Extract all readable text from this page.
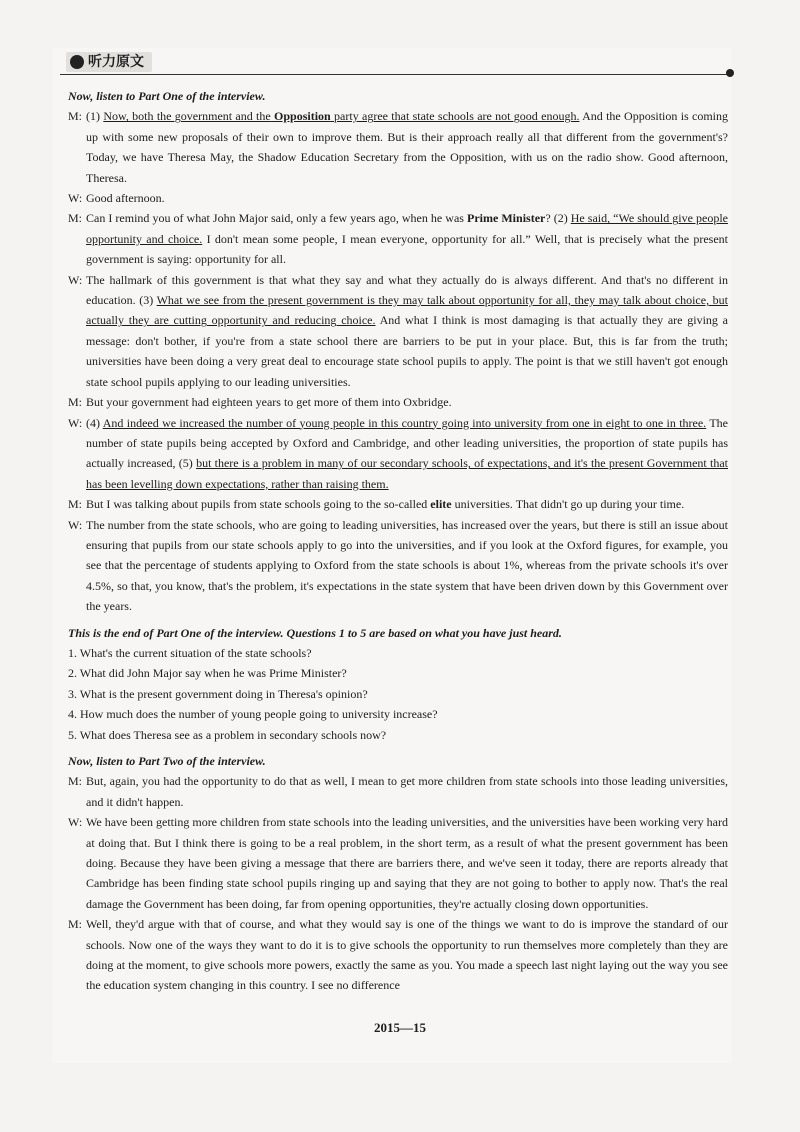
听力原文

Now, listen to Part One of the interview.

M: (1) Now, both the government and the Opposition party agree that state schools are not good enough. And the Opposition is coming up with some new proposals of their own to improve them. But is their approach really all that different from the government's? Today, we have Theresa May, the Shadow Education Secretary from the Opposition, with us on the radio show. Good afternoon, Theresa.

W: Good afternoon.

M: Can I remind you of what John Major said, only a few years ago, when he was Prime Minister? (2) He said, “We should give people opportunity and choice. I don't mean some people, I mean everyone, opportunity for all.” Well, that is precisely what the present government is saying: opportunity for all.

W: The hallmark of this government is that what they say and what they actually do is always different. And that's no different in education. (3) What we see from the present government is they may talk about opportunity for all, they may talk about choice, but actually they are cutting opportunity and reducing choice. And what I think is most damaging is that actually they are giving a message: don't bother, if you're from a state school there are barriers to be put in your place. But, this is far from the truth; universities have been doing a very great deal to encourage state school pupils to apply. The point is that we still haven't got enough state school pupils applying to our leading universities.

M: But your government had eighteen years to get more of them into Oxbridge.

W: (4) And indeed we increased the number of young people in this country going into university from one in eight to one in three. The number of state pupils being accepted by Oxford and Cambridge, and other leading universities, the proportion of state pupils has actually increased, (5) but there is a problem in many of our secondary schools, of expectations, and it's the present Government that has been levelling down expectations, rather than raising them.

M: But I was talking about pupils from state schools going to the so-called elite universities. That didn't go up during your time.

W: The number from the state schools, who are going to leading universities, has increased over the years, but there is still an issue about ensuring that pupils from our state schools apply to go into the universities, and if you look at the Oxford figures, for example, you see that the percentage of students applying to Oxford from the state schools is about 1%, whereas from the private schools it's over 4.5%, so that, you know, that's the problem, it's expectations in the state system that have been driven down by this Government over the years.

This is the end of Part One of the interview. Questions 1 to 5 are based on what you have just heard.

1. What's the current situation of the state schools?

2. What did John Major say when he was Prime Minister?

3. What is the present government doing in Theresa's opinion?

4. How much does the number of young people going to university increase?

5. What does Theresa see as a problem in secondary schools now?

Now, listen to Part Two of the interview.

M: But, again, you had the opportunity to do that as well, I mean to get more children from state schools into those leading universities, and it didn't happen.

W: We have been getting more children from state schools into the leading universities, and the universities have been working very hard at doing that. But I think there is going to be a real problem, in the short term, as a result of what the present government has been doing. Because they have been giving a message that there are barriers there, and we've seen it today, there are reports already that Cambridge has been finding state school pupils ringing up and saying that they are not going to bother to apply now. That's the real damage the Government has been doing, far from opening opportunities, they're actually closing down opportunities.

M: Well, they'd argue with that of course, and what they would say is one of the things we want to do is improve the standard of our schools. Now one of the ways they want to do it is to give schools the opportunity to run themselves more completely than they are doing at the moment, to give schools more powers, exactly the same as you. You made a speech last night laying out the way you see the education system changing in this country. I see no difference

2015—15
